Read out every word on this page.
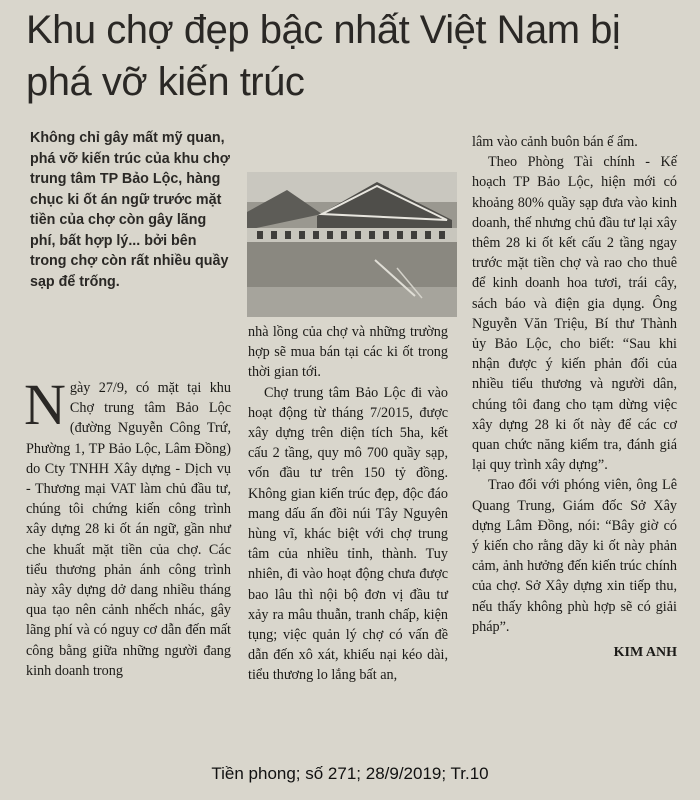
Khu chợ đẹp bậc nhất Việt Nam bị phá vỡ kiến trúc

Không chỉ gây mất mỹ quan, phá vỡ kiến trúc của khu chợ trung tâm TP Bảo Lộc, hàng chục ki ốt án ngữ trước mặt tiền của chợ còn gây lãng phí, bất hợp lý... bởi bên trong chợ còn rất nhiều quầy sạp để trống.

Ngày 27/9, có mặt tại khu Chợ trung tâm Bảo Lộc (đường Nguyễn Công Trứ, Phường 1, TP Bảo Lộc, Lâm Đồng) do Cty TNHH Xây dựng - Dịch vụ - Thương mại VAT làm chủ đầu tư, chúng tôi chứng kiến công trình xây dựng 28 ki ốt án ngữ, gần như che khuất mặt tiền của chợ. Các tiểu thương phản ánh công trình này xây dựng dở dang nhiều tháng qua tạo nên cảnh nhếch nhác, gây lãng phí và có nguy cơ dẫn đến mất công bằng giữa những người đang kinh doanh trong

nhà lồng của chợ và những trường hợp sẽ mua bán tại các ki ốt trong thời gian tới.

Chợ trung tâm Bảo Lộc đi vào hoạt động từ tháng 7/2015, được xây dựng trên diện tích 5ha, kết cấu 2 tầng, quy mô 700 quầy sạp, vốn đầu tư trên 150 tỷ đồng. Không gian kiến trúc đẹp, độc đáo mang dấu ấn đồi núi Tây Nguyên hùng vĩ, khác biệt với chợ trung tâm của nhiều tỉnh, thành. Tuy nhiên, đi vào hoạt động chưa được bao lâu thì nội bộ đơn vị đầu tư xảy ra mâu thuẫn, tranh chấp, kiện tụng; việc quản lý chợ có vấn đề dẫn đến xô xát, khiếu nại kéo dài, tiểu thương lo lắng bất an,

lâm vào cảnh buôn bán ế ẩm.

Theo Phòng Tài chính - Kế hoạch TP Bảo Lộc, hiện mới có khoảng 80% quầy sạp đưa vào kinh doanh, thế nhưng chủ đầu tư lại xây thêm 28 ki ốt kết cấu 2 tầng ngay trước mặt tiền chợ và rao cho thuê để kinh doanh hoa tươi, trái cây, sách báo và điện gia dụng. Ông Nguyễn Văn Triệu, Bí thư Thành ủy Bảo Lộc, cho biết: “Sau khi nhận được ý kiến phản đối của nhiều tiểu thương và người dân, chúng tôi đang cho tạm dừng việc xây dựng 28 ki ốt này để các cơ quan chức năng kiểm tra, đánh giá lại quy trình xây dựng”.

Trao đổi với phóng viên, ông Lê Quang Trung, Giám đốc Sở Xây dựng Lâm Đồng, nói: “Bây giờ có ý kiến cho rằng dãy ki ốt này phản cảm, ảnh hưởng đến kiến trúc chính của chợ. Sở Xây dựng xin tiếp thu, nếu thấy không phù hợp sẽ có giải pháp”.

KIM ANH

Tiền phong; số 271; 28/9/2019; Tr.10
